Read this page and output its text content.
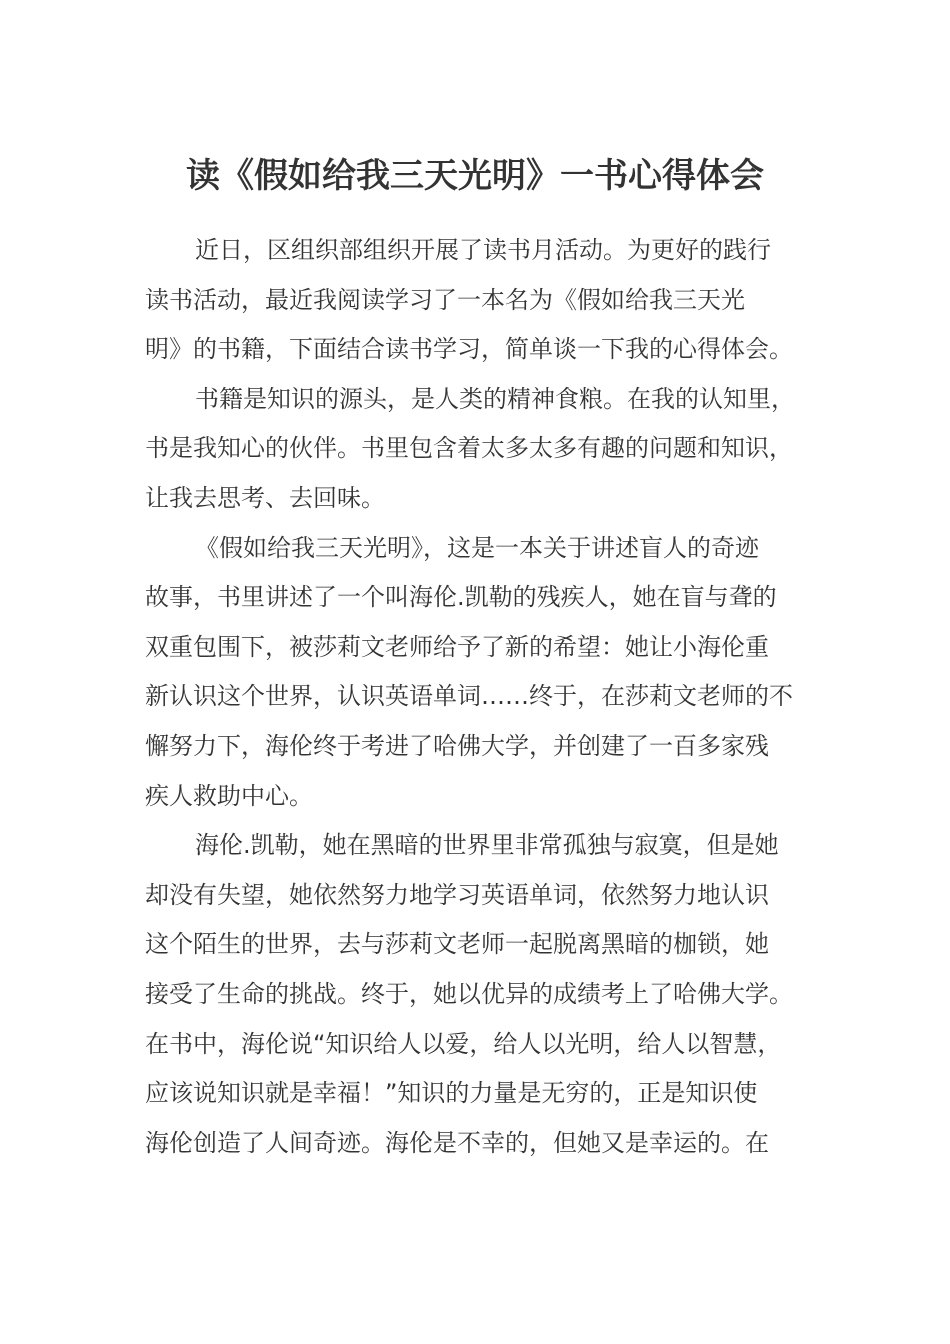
读《假如给我三天光明》一书心得体会
近日，区组织部组织开展了读书月活动。为更好的践行
读书活动，最近我阅读学习了一本名为《假如给我三天光
明》的书籍，下面结合读书学习，简单谈一下我的心得体会。
书籍是知识的源头，是人类的精神食粮。在我的认知里，
书是我知心的伙伴。书里包含着太多太多有趣的问题和知识，
让我去思考、去回味。
《假如给我三天光明》，这是一本关于讲述盲人的奇迹
故事，书里讲述了一个叫海伦.凯勒的残疾人，她在盲与聋的
双重包围下，被莎莉文老师给予了新的希望：她让小海伦重
新认识这个世界，认识英语单词……终于，在莎莉文老师的不
懈努力下，海伦终于考进了哈佛大学，并创建了一百多家残
疾人救助中心。
海伦.凯勒，她在黑暗的世界里非常孤独与寂寞，但是她
却没有失望，她依然努力地学习英语单词，依然努力地认识
这个陌生的世界，去与莎莉文老师一起脱离黑暗的枷锁，她
接受了生命的挑战。终于，她以优异的成绩考上了哈佛大学。
在书中，海伦说“知识给人以爱，给人以光明，给人以智慧，
应该说知识就是幸福！”知识的力量是无穷的，正是知识使
海伦创造了人间奇迹。海伦是不幸的，但她又是幸运的。在
